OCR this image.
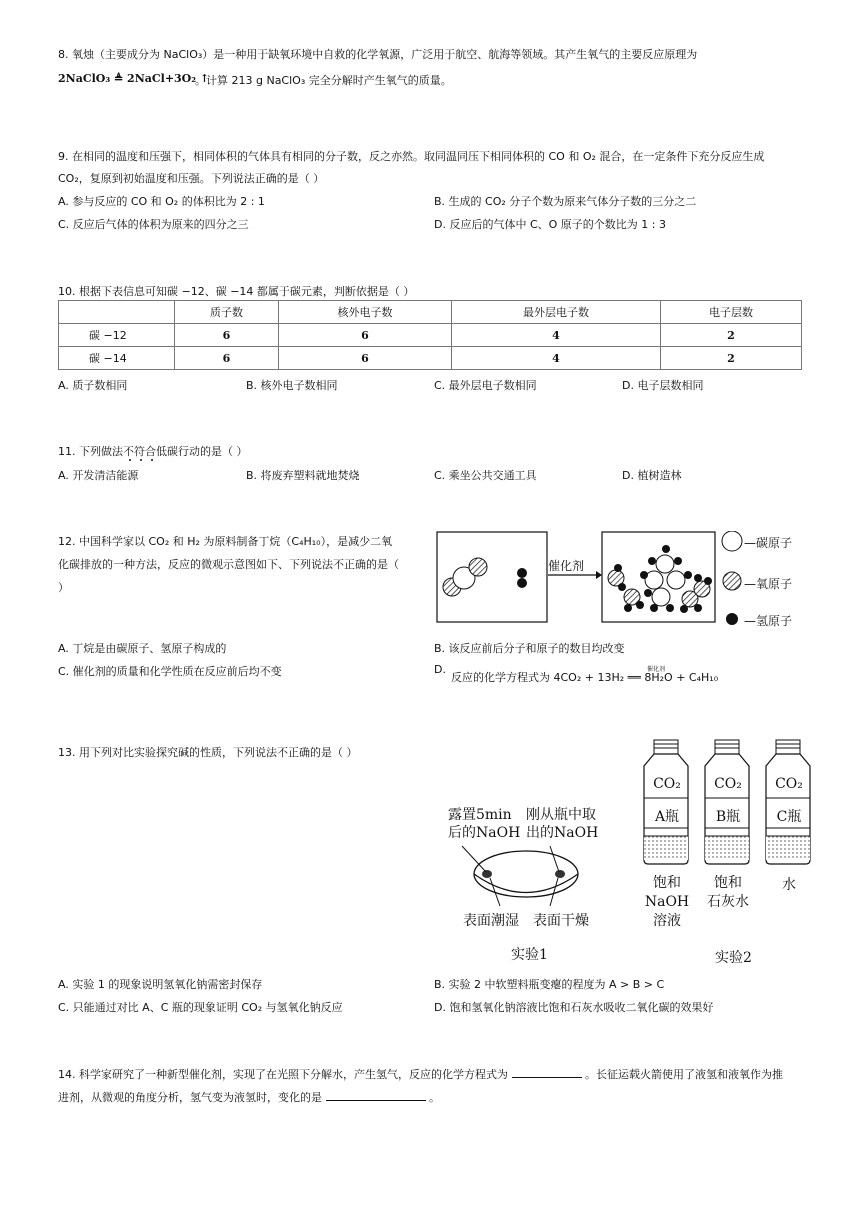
8. 氧烛（主要成分为 NaClO₃）是一种用于缺氧环境中自救的化学氧源，广泛用于航空、航海等领域。其产生氧气的主要反应原理为
2NaClO₃ ≜ 2NaCl+3O₂ ↑
。计算 213 g NaClO₃ 完全分解时产生氧气的质量。
9. 在相同的温度和压强下，相同体积的气体具有相同的分子数，反之亦然。取同温同压下相同体积的 CO 和 O₂ 混合，在一定条件下充分反应生成
CO₂，复原到初始温度和压强。下列说法正确的是（ ）
A. 参与反应的 CO 和 O₂ 的体积比为 2 : 1	B. 生成的 CO₂ 分子个数为原来气体分子数的三分之二
C. 反应后气体的体积为原来的四分之三	D. 反应后的气体中 C、O 原子的个数比为 1 : 3
10. 根据下表信息可知碳 −12、碳 −14 都属于碳元素，判断依据是（ ）
	质子数	核外电子数	最外层电子数	电子层数
碳 −12	6	6	4	2
碳 −14	6	6	4	2
A. 质子数相同	B. 核外电子数相同	C. 最外层电子数相同	D. 电子层数相同
11. 下列做法不符合低碳行动的是（ ）
A. 开发清洁能源	B. 将废弃塑料就地焚烧	C. 乘坐公共交通工具	D. 植树造林
12. 中国科学家以 CO₂ 和 H₂ 为原料制备丁烷（C₄H₁₀），是减少二氧
化碳排放的一种方法，反应的微观示意图如下、下列说法不正确的是（
）
催化剂
—碳原子
—氧原子
—氢原子
A. 丁烷是由碳原子、氢原子构成的	B. 该反应前后分子和原子的数目均改变
C. 催化剂的质量和化学性质在反应前后均不变	D.
反应的化学方程式为 4CO₂ + 13H₂ ══ 8H₂O + C₄H₁₀
催化剂
13. 用下列对比实验探究碱的性质，下列说法不正确的是（ ）
露置5min
后的NaOH
刚从瓶中取
出的NaOH
表面潮湿 表面干燥
实验1
CO₂ CO₂ CO₂
A瓶	B瓶	C瓶
饱和
NaOH
溶液
饱和
石灰水
水
实验2
A. 实验 1 的现象说明氢氧化钠需密封保存	B. 实验 2 中软塑料瓶变瘪的程度为 A > B > C
C. 只能通过对比 A、C 瓶的现象证明 CO₂ 与氢氧化钠反应	D. 饱和氢氧化钠溶液比饱和石灰水吸收二氧化碳的效果好
14. 科学家研究了一种新型催化剂，实现了在光照下分解水，产生氢气，反应的化学方程式为	。长征运载火箭使用了液氢和液氧作为推
进剂，从微观的角度分析，氢气变为液氢时，变化的是	。
